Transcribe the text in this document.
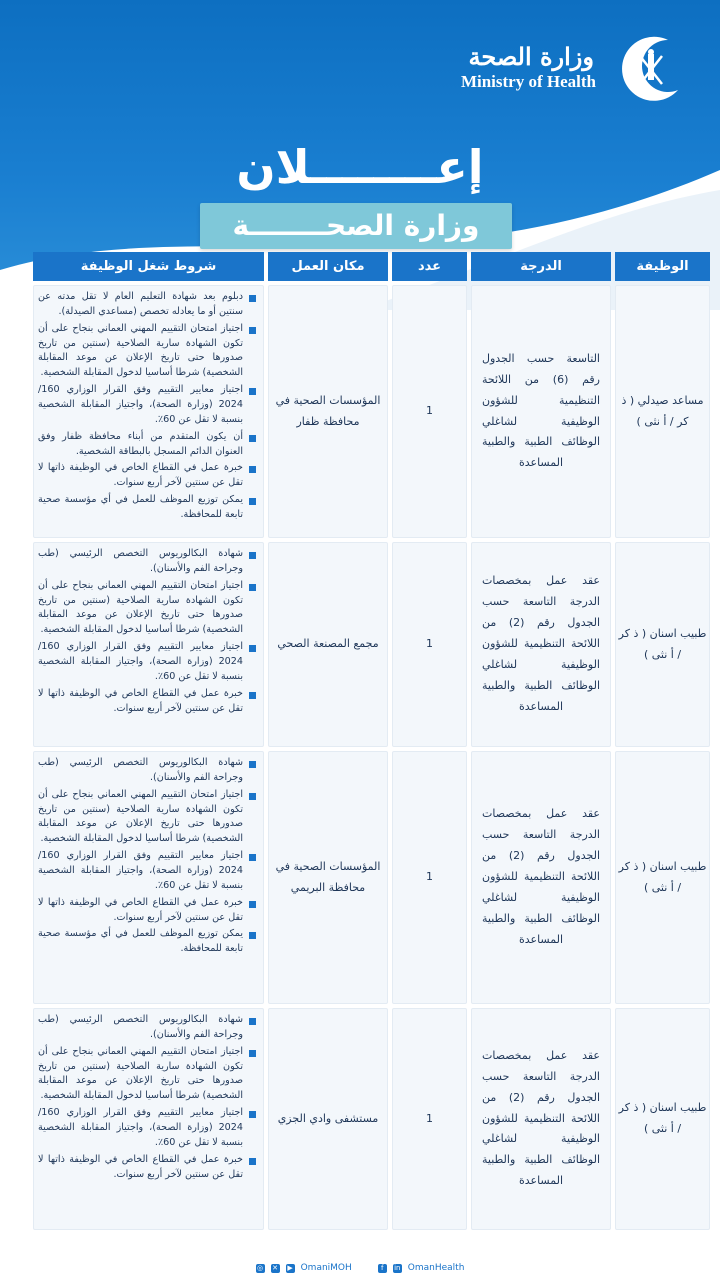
وزارة الصحة
Ministry of Health
إعــــــــلان
وزارة الصحــــــــة
الوظيفة
الدرجة
عدد
مكان العمل
شروط شغل الوظيفة
مساعد صيدلي ( ذ كر / أ نثى )
التاسعة حسب الجدول رقم (6) من اللائحة التنظيمية للشؤون الوظيفية لشاغلي الوظائف الطبية والطبية المساعدة
1
المؤسسات الصحية في محافظة ظفار
دبلوم بعد شهادة التعليم العام لا تقل مدته عن سنتين أو ما يعادله تخصص (مساعدي الصيدلة).
اجتياز امتحان التقييم المهني العماني بنجاح على أن تكون الشهادة سارية الصلاحية (سنتين من تاريخ صدورها حتى تاريخ الإعلان عن موعد المقابلة الشخصية) شرطا أساسيا لدخول المقابلة الشخصية.
اجتياز معايير التقييم وفق القرار الوزاري 160/ 2024 (وزارة الصحة)، واجتياز المقابلة الشخصية بنسبة لا تقل عن 60٪.
أن يكون المتقدم من أبناء محافظة ظفار وفق العنوان الدائم المسجل بالبطاقة الشخصية.
خبرة عمل في القطاع الخاص في الوظيفة ذاتها لا تقل عن سنتين لآخر أربع سنوات.
يمكن توزيع الموظف للعمل في أي مؤسسة صحية تابعة للمحافظة.
طبيب اسنان ( ذ كر / أ نثى )
عقد عمل بمخصصات الدرجة التاسعة حسب الجدول رقم (2) من اللائحة التنظيمية للشؤون الوظيفية لشاغلي الوظائف الطبية والطبية المساعدة
1
مجمع المصنعة الصحي
شهادة البكالوريوس التخصص الرئيسي (طب وجراحة الفم والأسنان).
اجتياز امتحان التقييم المهني العماني بنجاح على أن تكون الشهادة سارية الصلاحية (سنتين من تاريخ صدورها حتى تاريخ الإعلان عن موعد المقابلة الشخصية) شرطا أساسيا لدخول المقابلة الشخصية.
اجتياز معايير التقييم وفق القرار الوزاري 160/ 2024 (وزارة الصحة)، واجتياز المقابلة الشخصية بنسبة لا تقل عن 60٪.
خبرة عمل في القطاع الخاص في الوظيفة ذاتها لا تقل عن سنتين لآخر أربع سنوات.
طبيب اسنان ( ذ كر / أ نثى )
عقد عمل بمخصصات الدرجة التاسعة حسب الجدول رقم (2) من اللائحة التنظيمية للشؤون الوظيفية لشاغلي الوظائف الطبية والطبية المساعدة
1
المؤسسات الصحية في محافظة البريمي
شهادة البكالوريوس التخصص الرئيسي (طب وجراحة الفم والأسنان).
اجتياز امتحان التقييم المهني العماني بنجاح على أن تكون الشهادة سارية الصلاحية (سنتين من تاريخ صدورها حتى تاريخ الإعلان عن موعد المقابلة الشخصية) شرطا أساسيا لدخول المقابلة الشخصية.
اجتياز معايير التقييم وفق القرار الوزاري 160/ 2024 (وزارة الصحة)، واجتياز المقابلة الشخصية بنسبة لا تقل عن 60٪.
خبرة عمل في القطاع الخاص في الوظيفة ذاتها لا تقل عن سنتين لآخر أربع سنوات.
يمكن توزيع الموظف للعمل في أي مؤسسة صحية تابعة للمحافظة.
طبيب اسنان ( ذ كر / أ نثى )
عقد عمل بمخصصات الدرجة التاسعة حسب الجدول رقم (2) من اللائحة التنظيمية للشؤون الوظيفية لشاغلي الوظائف الطبية والطبية المساعدة
1
مستشفى وادي الجزي
شهادة البكالوريوس التخصص الرئيسي (طب وجراحة الفم والأسنان).
اجتياز امتحان التقييم المهني العماني بنجاح على أن تكون الشهادة سارية الصلاحية (سنتين من تاريخ صدورها حتى تاريخ الإعلان عن موعد المقابلة الشخصية) شرطا أساسيا لدخول المقابلة الشخصية.
اجتياز معايير التقييم وفق القرار الوزاري 160/ 2024 (وزارة الصحة)، واجتياز المقابلة الشخصية بنسبة لا تقل عن 60٪.
خبرة عمل في القطاع الخاص في الوظيفة ذاتها لا تقل عن سنتين لآخر أربع سنوات.
◎ ✕ ▶ OmaniMOH	f	in OmanHealth
